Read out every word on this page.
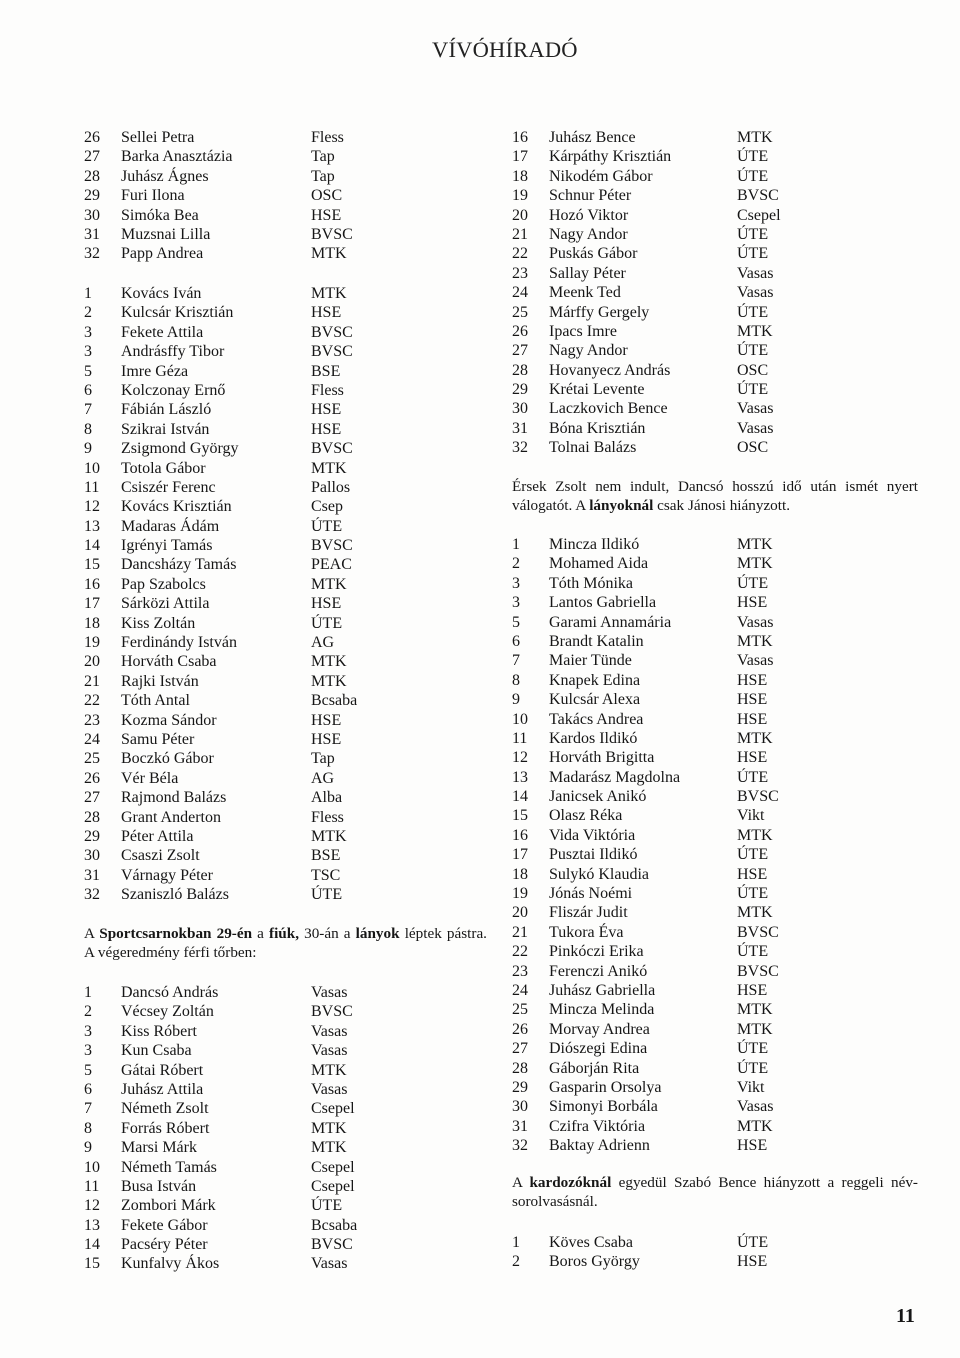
VÍVÓHÍRADÓ
26 Sellei Petra	Fless
27 Barka Anasztázia	Tap
28 Juhász Ágnes	Tap
29 Furi Ilona	OSC
30 Simóka Bea	HSE
31 Muzsnai Lilla	BVSC
32 Papp Andrea	MTK
1 Kovács Iván	MTK
2 Kulcsár Krisztián	HSE
3 Fekete Attila	BVSC
3 Andrásffy Tibor	BVSC
5 Imre Géza	BSE
6 Kolczonay Ernő	Fless
7 Fábián László	HSE
8 Szikrai István	HSE
9 Zsigmond György	BVSC
10 Totola Gábor	MTK
11 Csiszér Ferenc	Pallos
12 Kovács Krisztián	Csep
13 Madaras Ádám	ÚTE
14 Igrényi Tamás	BVSC
15 Dancsházy Tamás	PEAC
16 Pap Szabolcs	MTK
17 Sárközi Attila	HSE
18 Kiss Zoltán	ÚTE
19 Ferdinándy István	AG
20 Horváth Csaba	MTK
21 Rajki István	MTK
22 Tóth Antal	Bcsaba
23 Kozma Sándor	HSE
24 Samu Péter	HSE
25 Boczkó Gábor	Tap
26 Vér Béla	AG
27 Rajmond Balázs	Alba
28 Grant Anderton	Fless
29 Péter Attila	MTK
30 Csaszi Zsolt	BSE
31 Várnagy Péter	TSC
32 Szaniszló Balázs	ÚTE
A Sportcsarnokban 29-én a fiúk, 30-án a lányok léptek pástra.
A végeredmény férfi tőrben:
1 Dancsó András	Vasas
2 Vécsey Zoltán	BVSC
3 Kiss Róbert	Vasas
3 Kun Csaba	Vasas
5 Gátai Róbert	MTK
6 Juhász Attila	Vasas
7 Németh Zsolt	Csepel
8 Forrás Róbert	MTK
9 Marsi Márk	MTK
10 Németh Tamás	Csepel
11 Busa István	Csepel
12 Zombori Márk	ÚTE
13 Fekete Gábor	Bcsaba
14 Pacséry Péter	BVSC
15 Kunfalvy Ákos	Vasas
16 Juhász Bence	MTK
17 Kárpáthy Krisztián	ÚTE
18 Nikodém Gábor	ÚTE
19 Schnur Péter	BVSC
20 Hozó Viktor	Csepel
21 Nagy Andor	ÚTE
22 Puskás Gábor	ÚTE
23 Sallay Péter	Vasas
24 Meenk Ted	Vasas
25 Márffy Gergely	ÚTE
26 Ipacs Imre	MTK
27 Nagy Andor	ÚTE
28 Hovanyecz András	OSC
29 Krétai Levente	ÚTE
30 Laczkovich Bence	Vasas
31 Bóna Krisztián	Vasas
32 Tolnai Balázs	OSC
Érsek Zsolt nem indult, Dancsó hosszú idő után ismét nyert
válogatót. A lányoknál csak Jánosi hiányzott.
1 Mincza Ildikó	MTK
2 Mohamed Aida	MTK
3 Tóth Mónika	ÚTE
3 Lantos Gabriella	HSE
5 Garami Annamária	Vasas
6 Brandt Katalin	MTK
7 Maier Tünde	Vasas
8 Knapek Edina	HSE
9 Kulcsár Alexa	HSE
10 Takács Andrea	HSE
11 Kardos Ildikó	MTK
12 Horváth Brigitta	HSE
13 Madarász Magdolna	ÚTE
14 Janicsek Anikó	BVSC
15 Olasz Réka	Vikt
16 Vida Viktória	MTK
17 Pusztai Ildikó	ÚTE
18 Sulykó Klaudia	HSE
19 Jónás Noémi	ÚTE
20 Fliszár Judit	MTK
21 Tukora Éva	BVSC
22 Pinkóczi Erika	ÚTE
23 Ferenczi Anikó	BVSC
24 Juhász Gabriella	HSE
25 Mincza Melinda	MTK
26 Morvay Andrea	MTK
27 Diószegi Edina	ÚTE
28 Gáborján Rita	ÚTE
29 Gasparin Orsolya	Vikt
30 Simonyi Borbála	Vasas
31 Czifra Viktória	MTK
32 Baktay Adrienn	HSE
A kardozóknál egyedül Szabó Bence hiányzott a reggeli név-
sorolvasásnál.
1 Köves Csaba	ÚTE
2 Boros György	HSE
11
